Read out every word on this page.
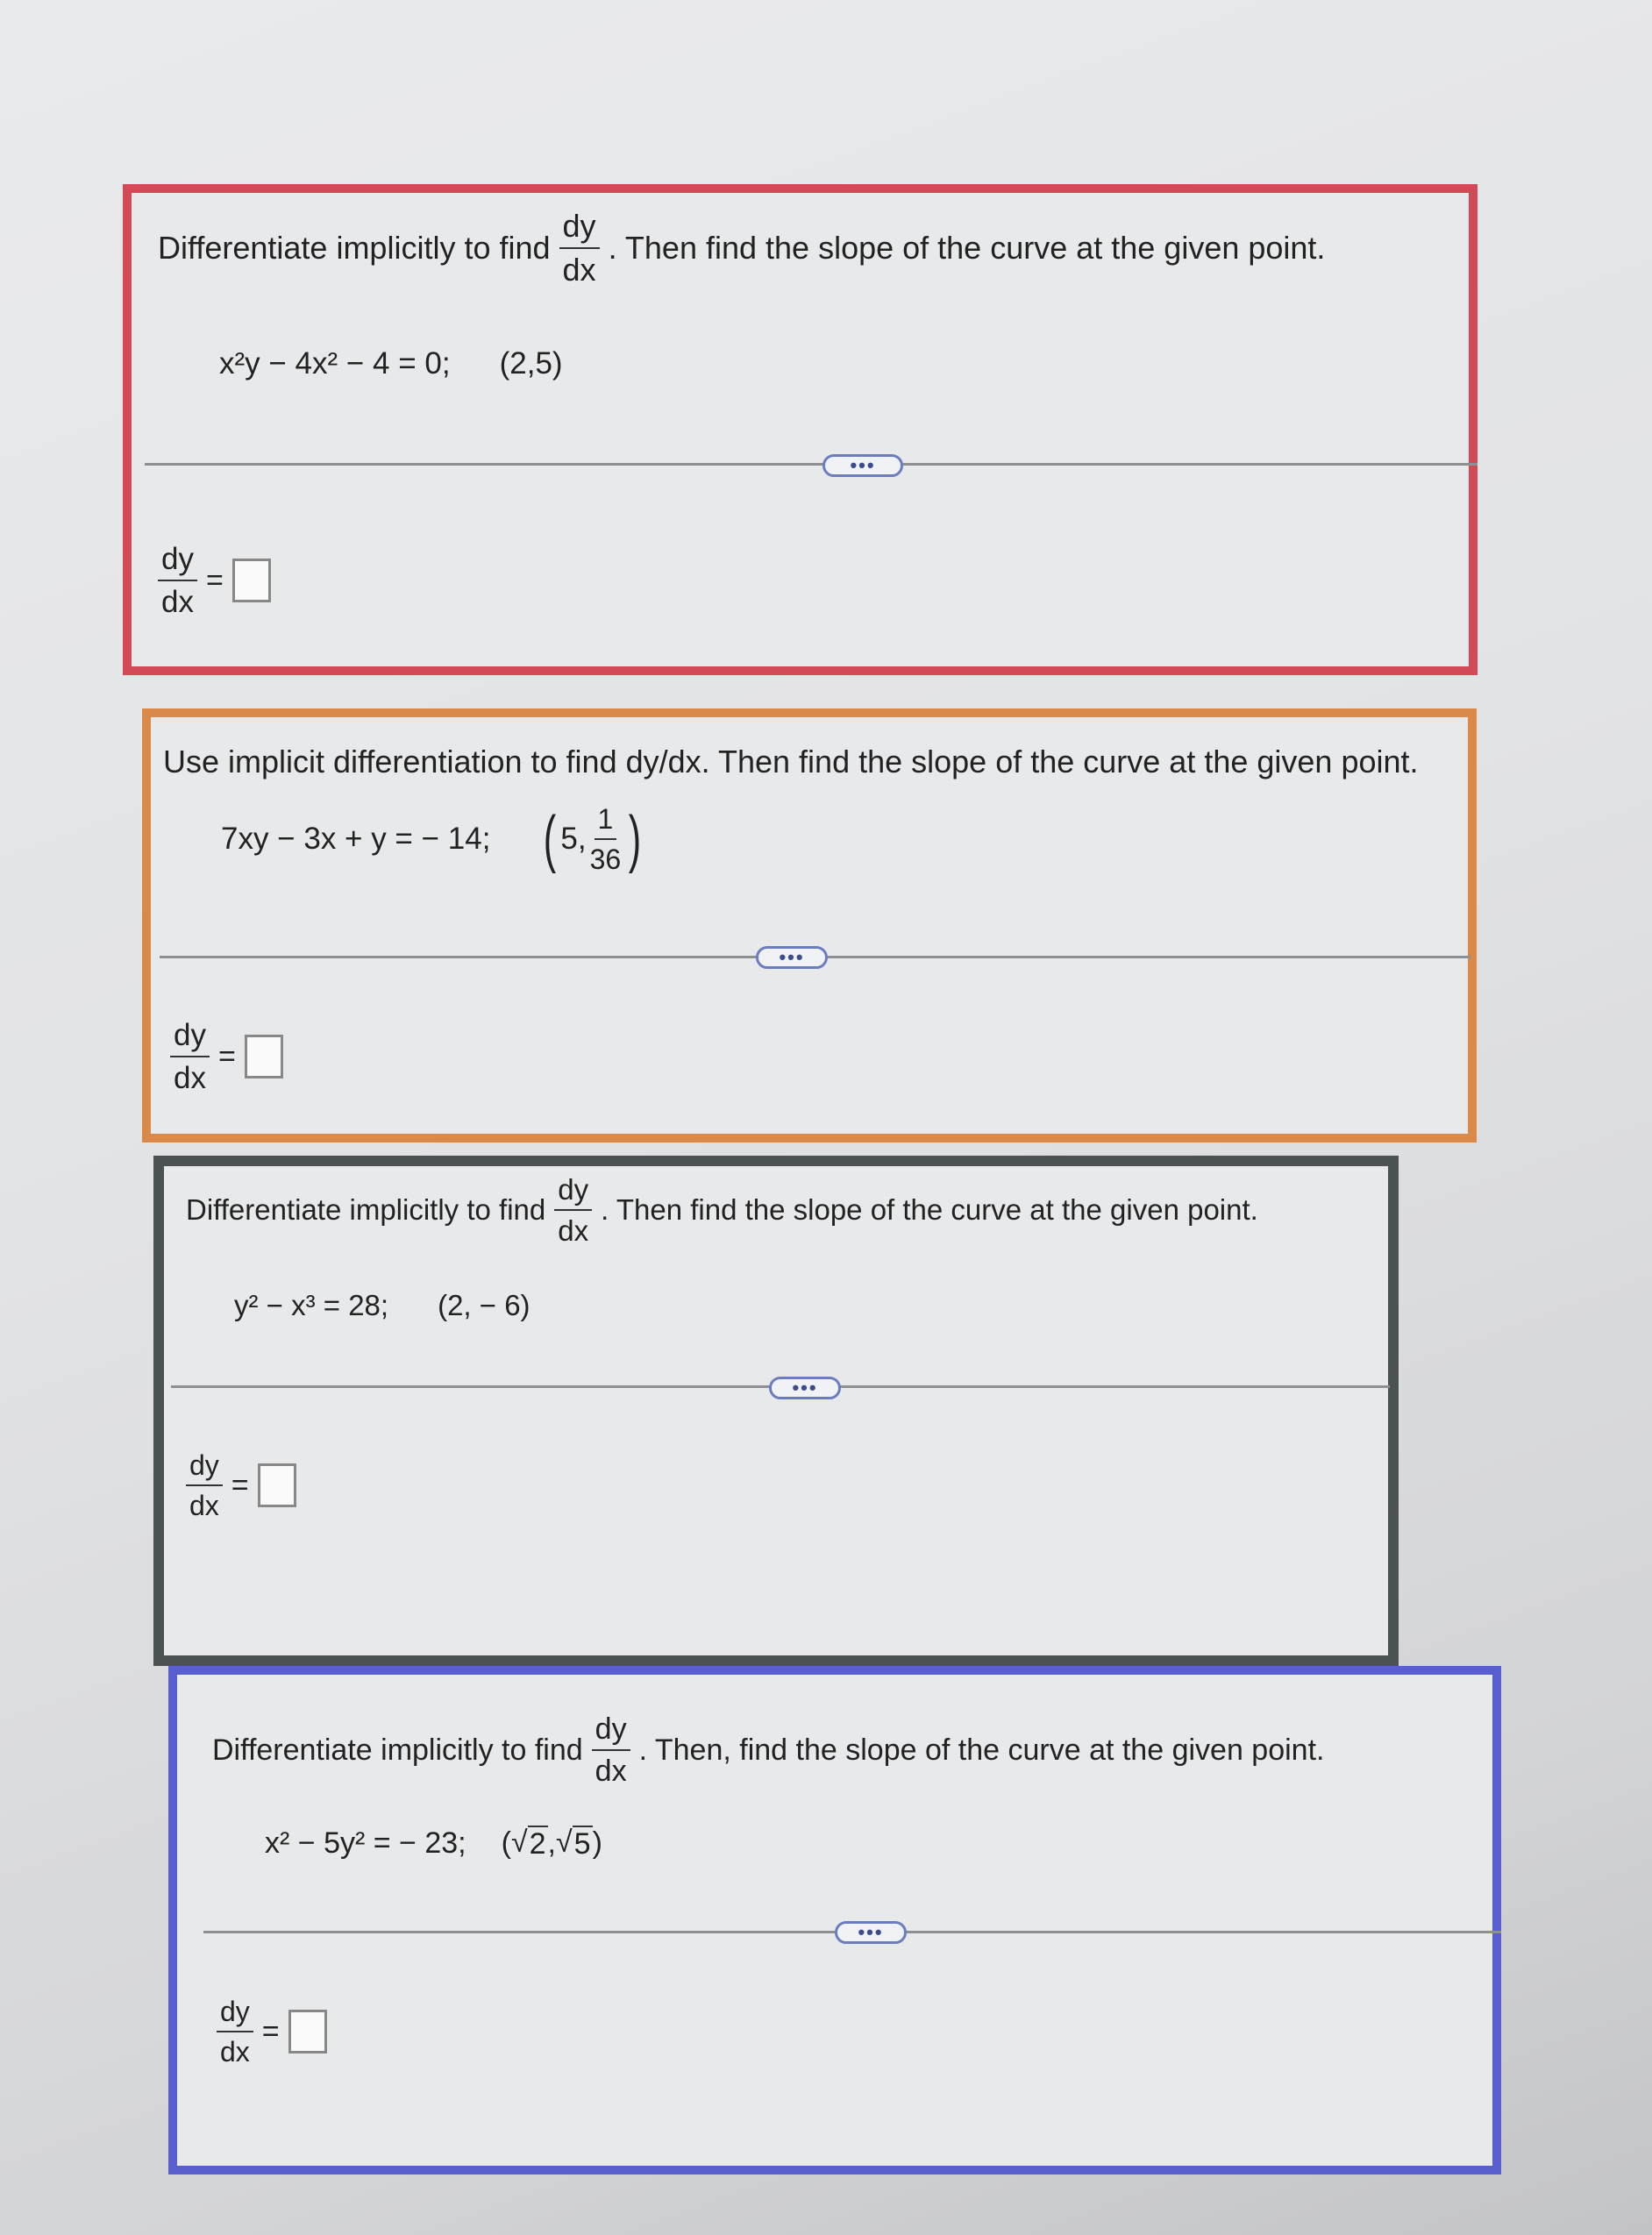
Differentiate implicitly to find $\frac{dy}{dx}$ . Then find the slope of the curve at the given point.
x²y − 4x² − 4 = 0; (2,5)
•••
$\frac{dy}{dx}$ =
Use implicit differentiation to find dy/dx. Then find the slope of the curve at the given point.
7xy − 3x + y = − 14; ( 5, $\frac{1}{36}$ )
•••
$\frac{dy}{dx}$ =
Differentiate implicitly to find $\frac{dy}{dx}$ . Then find the slope of the curve at the given point.
y² − x³ = 28; (2, − 6)
•••
$\frac{dy}{dx}$ =
Differentiate implicitly to find $\frac{dy}{dx}$ . Then, find the slope of the curve at the given point.
x² − 5y² = − 23; ( √ 2 , √ 5 )
•••
$\frac{dy}{dx}$ =
